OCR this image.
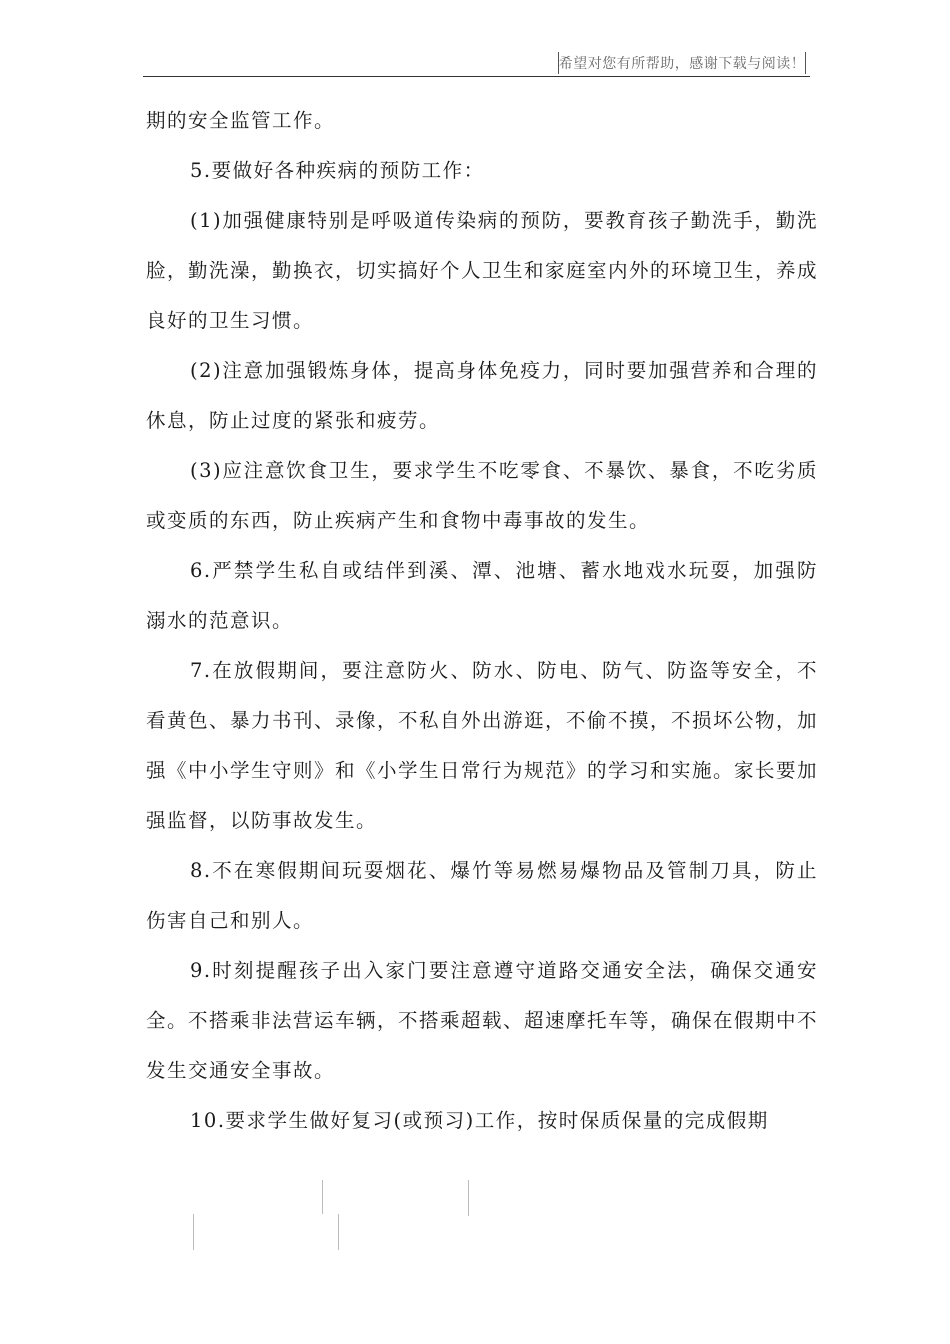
希望对您有所帮助，感谢下载与阅读！

期的安全监管工作。

5.要做好各种疾病的预防工作：

(1)加强健康特别是呼吸道传染病的预防，要教育孩子勤洗手，勤洗脸，勤洗澡，勤换衣，切实搞好个人卫生和家庭室内外的环境卫生，养成良好的卫生习惯。

(2)注意加强锻炼身体，提高身体免疫力，同时要加强营养和合理的休息，防止过度的紧张和疲劳。

(3)应注意饮食卫生，要求学生不吃零食、不暴饮、暴食，不吃劣质或变质的东西，防止疾病产生和食物中毒事故的发生。

6.严禁学生私自或结伴到溪、潭、池塘、蓄水地戏水玩耍，加强防溺水的范意识。

7.在放假期间，要注意防火、防水、防电、防气、防盗等安全，不看黄色、暴力书刊、录像，不私自外出游逛，不偷不摸，不损坏公物，加强《中小学生守则》和《小学生日常行为规范》的学习和实施。家长要加强监督，以防事故发生。

8.不在寒假期间玩耍烟花、爆竹等易燃易爆物品及管制刀具，防止伤害自己和别人。

9.时刻提醒孩子出入家门要注意遵守道路交通安全法，确保交通安全。不搭乘非法营运车辆，不搭乘超载、超速摩托车等，确保在假期中不发生交通安全事故。

10.要求学生做好复习(或预习)工作，按时保质保量的完成假期
